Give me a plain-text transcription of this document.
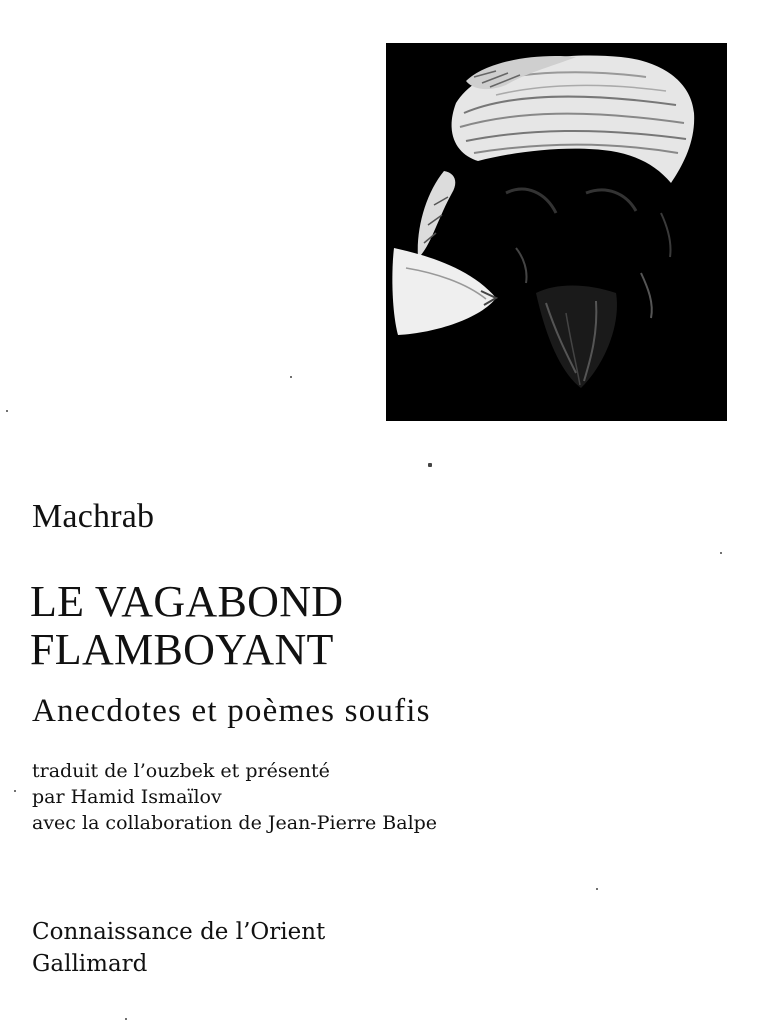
Machrab
LE VAGABOND
FLAMBOYANT
Anecdotes et poèmes soufis
traduit de l’ouzbek et présenté
par Hamid Ismaïlov
avec la collaboration de Jean-Pierre Balpe
Connaissance de l’Orient
Gallimard
